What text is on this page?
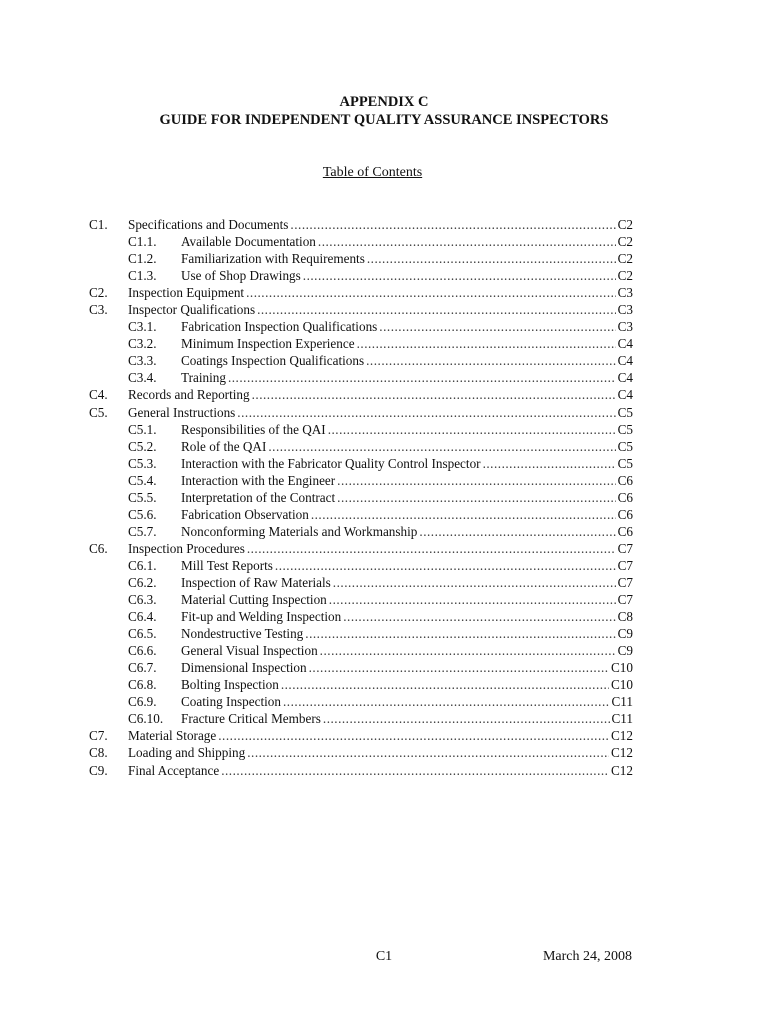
APPENDIX C
GUIDE FOR INDEPENDENT QUALITY ASSURANCE INSPECTORS
Table of Contents
C1. Specifications and Documents .....	C2
C1.1. Available Documentation .....	C2
C1.2. Familiarization with Requirements .....	C2
C1.3. Use of Shop Drawings .....	C2
C2. Inspection Equipment .....	C3
C3. Inspector Qualifications .....	C3
C3.1. Fabrication Inspection Qualifications .....	C3
C3.2. Minimum Inspection Experience .....	C4
C3.3. Coatings Inspection Qualifications .....	C4
C3.4. Training .....	C4
C4. Records and Reporting .....	C4
C5. General Instructions .....	C5
C5.1. Responsibilities of the QAI .....	C5
C5.2. Role of the QAI .....	C5
C5.3. Interaction with the Fabricator Quality Control Inspector .....	C5
C5.4. Interaction with the Engineer .....	C6
C5.5. Interpretation of the Contract .....	C6
C5.6. Fabrication Observation .....	C6
C5.7. Nonconforming Materials and Workmanship .....	C6
C6. Inspection Procedures .....	C7
C6.1. Mill Test Reports .....	C7
C6.2. Inspection of Raw Materials .....	C7
C6.3. Material Cutting Inspection .....	C7
C6.4. Fit-up and Welding Inspection .....	C8
C6.5. Nondestructive Testing .....	C9
C6.6. General Visual Inspection .....	C9
C6.7. Dimensional Inspection .....	C10
C6.8. Bolting Inspection .....	C10
C6.9. Coating Inspection .....	C11
C6.10. Fracture Critical Members .....	C11
C7. Material Storage .....	C12
C8. Loading and Shipping .....	C12
C9. Final Acceptance .....	C12
C1	March 24, 2008
